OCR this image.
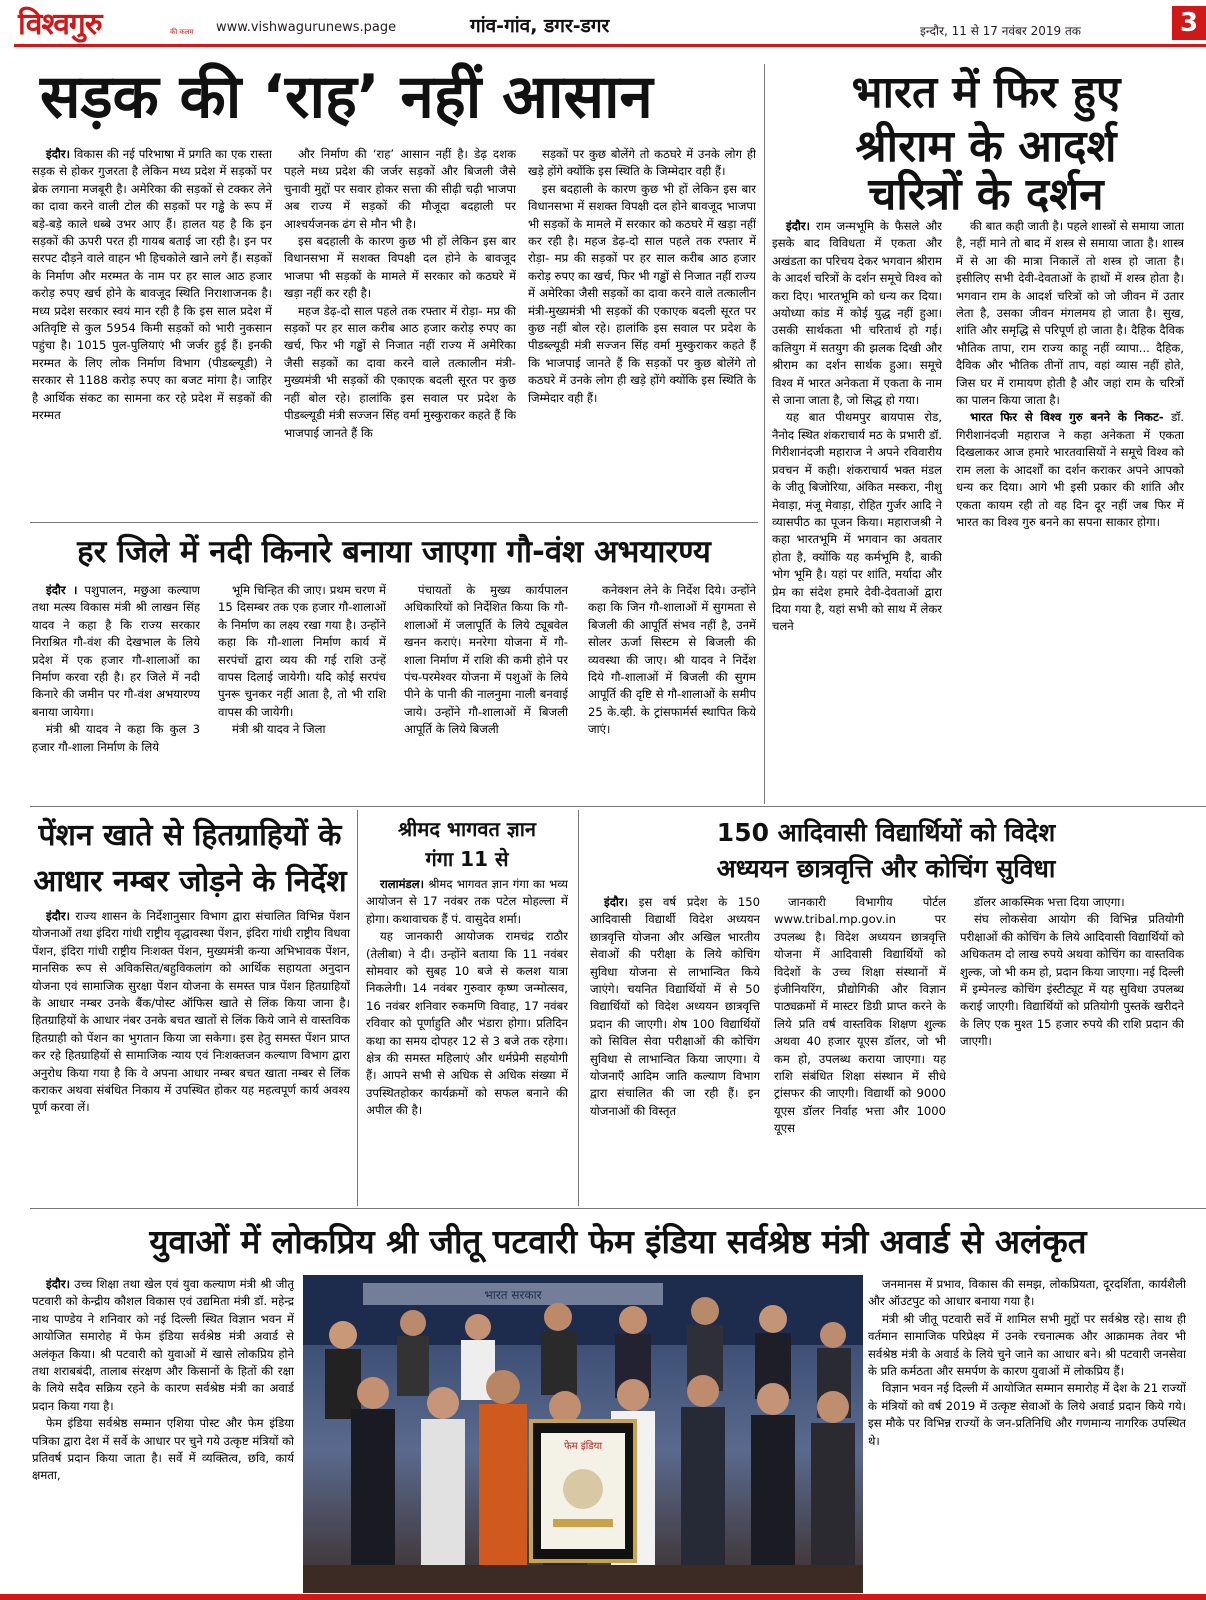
विश्वगुरु	की कलम www.vishwagurunews.page	गांव-गांव, डगर-डगर	इन्दौर, 11 से 17 नवंबर 2019 तक	3
सड़क की ‘राह’ नहीं आसान

इंदौर। विकास की नई परिभाषा में प्रगति का एक रास्ता सड़क से होकर गुजरता है लेकिन मध्य प्रदेश में सड़कों पर ब्रेक लगाना मजबूरी है। अमेरिका की सड़कों से टक्कर लेने का दावा करने वाली टोल की सड़कों पर गड्ढे के रूप में बड़े-बड़े काले धब्बे उभर आए हैं। हालत यह है कि इन सड़कों की ऊपरी परत ही गायब बताई जा रही है। इन पर सरपट दौड़ने वाले वाहन भी हिचकोले खाने लगे हैं। सड़कों के निर्माण और मरम्मत के नाम पर हर साल आठ हजार करोड़ रुपए खर्च होने के बावजूद स्थिति निराशाजनक है। मध्य प्रदेश सरकार स्वयं मान रही है कि इस साल प्रदेश में अतिवृष्टि से कुल 5954 किमी सड़कों को भारी नुकसान पहुंचा है। 1015 पुल-पुलियाएं भी जर्जर हुई हैं। इनकी मरम्मत के लिए लोक निर्माण विभाग (पीडब्ल्यूडी) ने सरकार से 1188 करोड़ रुपए का बजट मांगा है। जाहिर है आर्थिक संकट का सामना कर रहे प्रदेश में सड़कों की मरम्मत

और निर्माण की ‘राह’ आसान नहीं है। डेढ़ दशक पहले मध्य प्रदेश की जर्जर सड़कों और बिजली जैसे चुनावी मुद्दों पर सवार होकर सत्ता की सीढ़ी चढ़ी भाजपा अब राज्य में सड़कों की मौजूदा बदहाली पर आश्चर्यजनक ढंग से मौन भी है।

इस बदहाली के कारण कुछ भी हों लेकिन इस बार विधानसभा में सशक्त विपक्षी दल होने के बावजूद भाजपा भी सड़कों के मामले में सरकार को कठघरे में खड़ा नहीं कर रही है।

महज डेढ़-दो साल पहले तक रफ्तार में रोड़ा- मप्र की सड़कों पर हर साल करीब आठ हजार करोड़ रुपए का खर्च, फिर भी गड्ढों से निजात नहीं राज्य में अमेरिका जैसी सड़कों का दावा करने वाले तत्कालीन मंत्री-मुख्यमंत्री भी सड़कों की एकाएक बदली सूरत पर कुछ नहीं बोल रहे। हालांकि इस सवाल पर प्रदेश के पीडब्ल्यूडी मंत्री सज्जन सिंह वर्मा मुस्कुराकर कहते हैं कि भाजपाई जानते हैं कि

सड़कों पर कुछ बोलेंगे तो कठघरे में उनके लोग ही खड़े होंगे क्योंकि इस स्थिति के जिम्मेदार वही हैं।

इस बदहाली के कारण कुछ भी हों लेकिन इस बार विधानसभा में सशक्त विपक्षी दल होने बावजूद भाजपा भी सड़कों के मामले में सरकार को कठघरे में खड़ा नहीं कर रही है। महज डेढ़-दो साल पहले तक रफ्तार में रोड़ा- मप्र की सड़कों पर हर साल करीब आठ हजार करोड़ रुपए का खर्च, फिर भी गड्ढों से निजात नहीं राज्य में अमेरिका जैसी सड़कों का दावा करने वाले तत्कालीन मंत्री-मुख्यमंत्री भी सड़कों की एकाएक बदली सूरत पर कुछ नहीं बोल रहे। हालांकि इस सवाल पर प्रदेश के पीडब्ल्यूडी मंत्री सज्जन सिंह वर्मा मुस्कुराकर कहते हैं कि भाजपाई जानते हैं कि सड़कों पर कुछ बोलेंगे तो कठघरे में उनके लोग ही खड़े होंगे क्योंकि इस स्थिति के जिम्मेदार वही हैं।

भारत में फिर हुए
श्रीराम के आदर्श
चरित्रों के दर्शन

इंदौर। राम जन्मभूमि के फैसले और इसके बाद विविधता में एकता और अखंडता का परिचय देकर भगवान श्रीराम के आदर्श चरित्रों के दर्शन समूचे विश्व को करा दिए। भारतभूमि को धन्य कर दिया। अयोध्या कांड में कोई युद्ध नहीं हुआ। उसकी सार्थकता भी चरितार्थ हो गई। कलियुग में सतयुग की झलक दिखी और श्रीराम का दर्शन सार्थक हुआ। समूचे विश्व में भारत अनेकता में एकता के नाम से जाना जाता है, जो सिद्ध हो गया।

यह बात पीथमपुर बायपास रोड, नैनोद स्थित शंकराचार्य मठ के प्रभारी डॉ. गिरीशानंदजी महाराज ने अपने रविवारीय प्रवचन में कही। शंकराचार्य भक्त मंडल के जीतू बिजोरिया, अंकित मस्करा, नीशु मेवाड़ा, मंजू मेवाड़ा, रोहित गुर्जर आदि ने व्यासपीठ का पूजन किया। महाराजश्री ने कहा भारतभूमि में भगवान का अवतार होता है, क्योंकि यह कर्मभूमि है, बाकी भोग भूमि है। यहां पर शांति, मर्यादा और प्रेम का संदेश हमारे देवी-देवताओं द्वारा दिया गया है, यहां सभी को साथ में लेकर चलने

की बात कही जाती है। पहले शास्त्रों से समाया जाता है, नहीं माने तो बाद में शस्त्र से समाया जाता है। शास्त्र में से आ की मात्रा निकालें तो शस्त्र हो जाता है। इसीलिए सभी देवी-देवताओं के हाथों में शस्त्र होता है। भगवान राम के आदर्श चरित्रों को जो जीवन में उतार लेता है, उसका जीवन मंगलमय हो जाता है। सुख, शांति और समृद्धि से परिपूर्ण हो जाता है। दैहिक दैविक भौतिक तापा, राम राज्य काहू नहीं व्यापा... दैहिक, दैविक और भौतिक तीनों ताप, वहां व्यास नहीं होते, जिस घर में रामायण होती है और जहां राम के चरित्रों का पालन किया जाता है।

भारत फिर से विश्व गुरु बनने के निकट- डॉ. गिरीशानंदजी महाराज ने कहा अनेकता में एकता दिखलाकर आज हमारे भारतवासियों ने समूचे विश्व को राम लला के आदर्शों का दर्शन कराकर अपने आपको धन्य कर दिया। आगे भी इसी प्रकार की शांति और एकता कायम रही तो वह दिन दूर नहीं जब फिर में भारत का विश्व गुरु बनने का सपना साकार होगा।

हर जिले में नदी किनारे बनाया जाएगा गौ-वंश अभयारण्य

इंदौर । पशुपालन, मछुआ कल्याण तथा मत्स्य विकास मंत्री श्री लाखन सिंह यादव ने कहा है कि राज्य सरकार निराश्रित गौ-वंश की देखभाल के लिये प्रदेश में एक हजार गौ-शालाओं का निर्माण करवा रही है। हर जिले में नदी किनारे की जमीन पर गौ-वंश अभयारण्य बनाया जायेगा।

मंत्री श्री यादव ने कहा कि कुल 3 हजार गौ-शाला निर्माण के लिये

भूमि चिन्हित की जाए। प्रथम चरण में 15 दिसम्बर तक एक हजार गौ-शालाओं के निर्माण का लक्ष्य रखा गया है। उन्होंने कहा कि गौ-शाला निर्माण कार्य में सरपंचों द्वारा व्यय की गई राशि उन्हें वापस दिलाई जायेगी। यदि कोई सरपंच पुनरू चुनकर नहीं आता है, तो भी राशि वापस की जायेगी।

मंत्री श्री यादव ने जिला

पंचायतों के मुख्य कार्यपालन अधिकारियों को निर्देशित किया कि गौ-शालाओं में जलापूर्ति के लिये ट्यूबवेल खनन कराएं। मनरेगा योजना में गौ-शाला निर्माण में राशि की कमी होने पर पंच-परमेश्वर योजना में पशुओं के लिये पीने के पानी की नालनुमा नाली बनवाई जाये। उन्होंने गौ-शालाओं में बिजली आपूर्ति के लिये बिजली

कनेक्शन लेने के निर्देश दिये। उन्होंने कहा कि जिन गौ-शालाओं में सुगमता से बिजली की आपूर्ति संभव नहीं है, उनमें सोलर ऊर्जा सिस्टम से बिजली की व्यवस्था की जाए। श्री यादव ने निर्देश दिये गौ-शालाओं में बिजली की सुगम आपूर्ति की दृष्टि से गौ-शालाओं के समीप 25 के.व्ही. के ट्रांसफार्मर्स स्थापित किये जाएं।

पेंशन खाते से हितग्राहियों के
आधार नम्बर जोड़ने के निर्देश

इंदौर। राज्य शासन के निर्देशानुसार विभाग द्वारा संचालित विभिन्न पेंशन योजनाओं तथा इंदिरा गांधी राष्ट्रीय वृद्धावस्था पेंशन, इंदिरा गांधी राष्ट्रीय विधवा पेंशन, इंदिरा गांधी राष्ट्रीय निःशक्त पेंशन, मुख्यमंत्री कन्या अभिभावक पेंशन, मानसिक रूप से अविकसित/बहुविकलांग को आर्थिक सहायता अनुदान योजना एवं सामाजिक सुरक्षा पेंशन योजना के समस्त पात्र पेंशन हितग्राहियों के आधार नम्बर उनके बैंक/पोस्ट ऑफिस खाते से लिंक किया जाना है। हितग्राहियों के आधार नंबर उनके बचत खातों से लिंक किये जाने से वास्तविक हितग्राही को पेंशन का भुगतान किया जा सकेगा। इस हेतु समस्त पेंशन प्राप्त कर रहे हितग्राहियों से सामाजिक न्याय एवं निःशक्तजन कल्याण विभाग द्वारा अनुरोध किया गया है कि वे अपना आधार नम्बर बचत खाता नम्बर से लिंक कराकर अथवा संबंधित निकाय में उपस्थित होकर यह महत्वपूर्ण कार्य अवश्य पूर्ण करवा लें।

श्रीमद भागवत ज्ञान
गंगा 11 से

रालामंडल। श्रीमद भागवत ज्ञान गंगा का भव्य आयोजन से 17 नवंबर तक पटेल मोहल्ला में होगा। कथावाचक हैं पं. वासुदेव शर्मा।

यह जानकारी आयोजक रामचंद्र राठौर (तेलीबा) ने दी। उन्होंने बताया कि 11 नवंबर सोमवार को सुबह 10 बजे से कलश यात्रा निकलेगी। 14 नवंबर गुरुवार कृष्ण जन्मोत्सव, 16 नवंबर शनिवार रुकमणि विवाह, 17 नवंबर रविवार को पूर्णाहुति और भंडारा होगा। प्रतिदिन कथा का समय दोपहर 12 से 3 बजे तक रहेगा। क्षेत्र की समस्त महिलाएं और धर्मप्रेमी सहयोगी हैं। आपने सभी से अधिक से अधिक संख्या में उपस्थितहोकर कार्यक्रमों को सफल बनाने की अपील की है।

150 आदिवासी विद्यार्थियों को विदेश
अध्ययन छात्रवृत्ति और कोचिंग सुविधा

इंदौर। इस वर्ष प्रदेश के 150 आदिवासी विद्यार्थी विदेश अध्ययन छात्रवृत्ति योजना और अखिल भारतीय सेवाओं की परीक्षा के लिये कोचिंग सुविधा योजना से लाभान्वित किये जाएंगे। चयनित विद्यार्थियों में से 50 विद्यार्थियों को विदेश अध्ययन छात्रवृत्ति प्रदान की जाएगी। शेष 100 विद्यार्थियों को सिविल सेवा परीक्षाओं की कोचिंग सुविधा से लाभान्वित किया जाएगा। ये योजनाएँ आदिम जाति कल्याण विभाग द्वारा संचालित की जा रही हैं। इन योजनाओं की विस्तृत

जानकारी विभागीय पोर्टल www.tribal.mp.gov.in पर उपलब्ध है। विदेश अध्ययन छात्रवृत्ति योजना में आदिवासी विद्यार्थियों को विदेशों के उच्च शिक्षा संस्थानों में इंजीनियरिंग, प्रौद्योगिकी और विज्ञान पाठ्यक्रमों में मास्टर डिग्री प्राप्त करने के लिये प्रति वर्ष वास्तविक शिक्षण शुल्क अथवा 40 हजार यूएस डॉलर, जो भी कम हो, उपलब्ध कराया जाएगा। यह राशि संबंधित शिक्षा संस्थान में सीधे ट्रांसफर की जाएगी। विद्यार्थी को 9000 यूएस डॉलर निर्वाह भत्ता और 1000 यूएस

डॉलर आकस्मिक भत्ता दिया जाएगा।

संघ लोकसेवा आयोग की विभिन्न प्रतियोगी परीक्षाओं की कोचिंग के लिये आदिवासी विद्यार्थियों को अधिकतम दो लाख रुपये अथवा कोचिंग का वास्तविक शुल्क, जो भी कम हो, प्रदान किया जाएगा। नई दिल्ली में इम्पेनल्ड कोचिंग इंस्टीट्यूट में यह सुविधा उपलब्ध कराई जाएगी। विद्यार्थियों को प्रतियोगी पुस्तकें खरीदने के लिए एक मुश्त 15 हजार रुपये की राशि प्रदान की जाएगी।

युवाओं में लोकप्रिय श्री जीतू पटवारी फेम इंडिया सर्वश्रेष्ठ मंत्री अवार्ड से अलंकृत

इंदौर। उच्च शिक्षा तथा खेल एवं युवा कल्याण मंत्री श्री जीतू पटवारी को केन्द्रीय कौशल विकास एवं उद्यमिता मंत्री डॉ. महेन्द्र नाथ पाण्डेय ने शनिवार को नई दिल्ली स्थित विज्ञान भवन में आयोजित समारोह में फेम इंडिया सर्वश्रेष्ठ मंत्री अवार्ड से अलंकृत किया। श्री पटवारी को युवाओं में खासे लोकप्रिय होने तथा शराबबंदी, तालाब संरक्षण और किसानों के हितों की रक्षा के लिये सदैव सक्रिय रहने के कारण सर्वश्रेष्ठ मंत्री का अवार्ड प्रदान किया गया है।

फेम इंडिया सर्वश्रेष्ठ सम्मान एशिया पोस्ट और फेम इंडिया पत्रिका द्वारा देश में सर्वे के आधार पर चुने गये उत्कृष्ट मंत्रियों को प्रतिवर्ष प्रदान किया जाता है। सर्वे में व्यक्तित्व, छवि, कार्य क्षमता,

जनमानस में प्रभाव, विकास की समझ, लोकप्रियता, दूरदर्शिता, कार्यशैली और ऑउटपुट को आधार बनाया गया है।

मंत्री श्री जीतू पटवारी सर्वे में शामिल सभी मुद्दों पर सर्वश्रेष्ठ रहे। साथ ही वर्तमान सामाजिक परिप्रेक्ष्य में उनके रचनात्मक और आक्रामक तेवर भी सर्वश्रेष्ठ मंत्री के अवार्ड के लिये चुने जाने का आधार बने। श्री पटवारी जनसेवा के प्रति कर्मठता और समर्पण के कारण युवाओं में लोकप्रिय हैं।

विज्ञान भवन नई दिल्ली में आयोजित सम्मान समारोह में देश के 21 राज्यों के मंत्रियों को वर्ष 2019 में उत्कृष्ट सेवाओं के लिये अवार्ड प्रदान किये गये। इस मौके पर विभिन्न राज्यों के जन-प्रतिनिधि और गणमान्य नागरिक उपस्थित थे।

भारत सरकार
फेम इंडिया
